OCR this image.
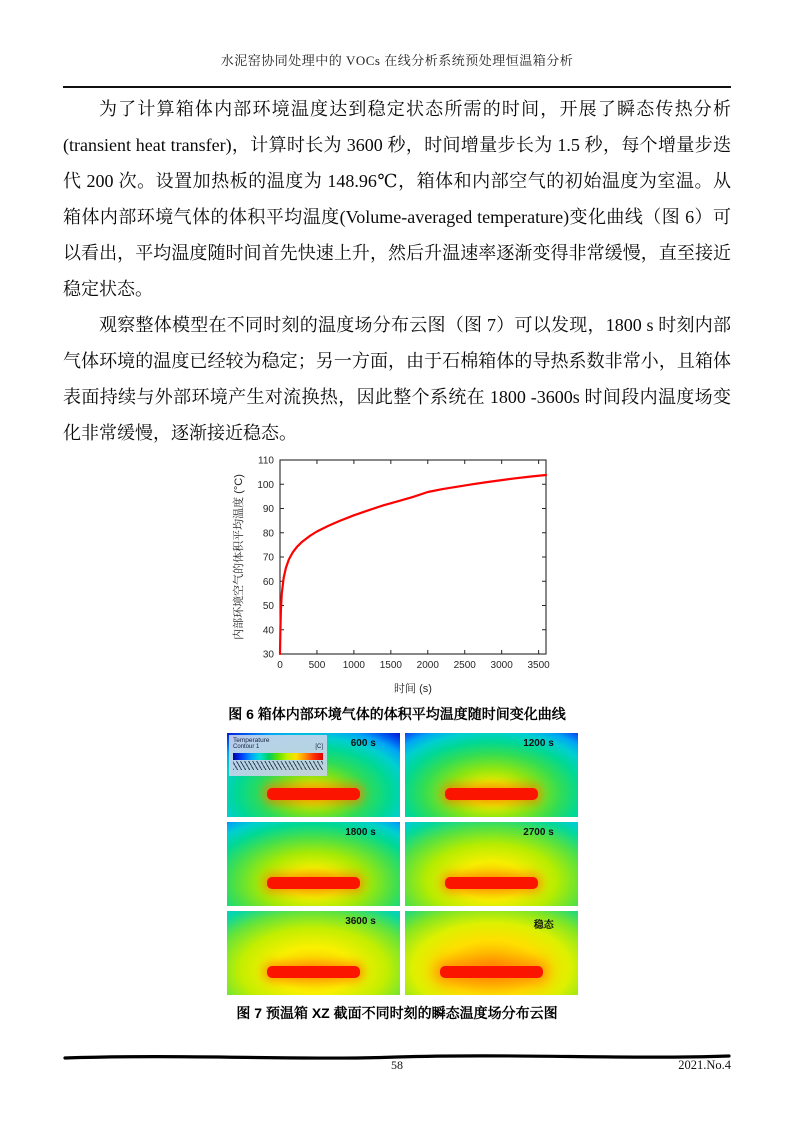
水泥窑协同处理中的 VOCs 在线分析系统预处理恒温箱分析

为了计算箱体内部环境温度达到稳定状态所需的时间，开展了瞬态传热分析(transient heat transfer)，计算时长为 3600 秒，时间增量步长为 1.5 秒，每个增量步迭代 200 次。设置加热板的温度为 148.96℃，箱体和内部空气的初始温度为室温。从箱体内部环境气体的体积平均温度(Volume-averaged temperature)变化曲线（图 6）可以看出，平均温度随时间首先快速上升，然后升温速率逐渐变得非常缓慢，直至接近稳定状态。

观察整体模型在不同时刻的温度场分布云图（图 7）可以发现，1800 s 时刻内部气体环境的温度已经较为稳定；另一方面，由于石棉箱体的导热系数非常小，且箱体表面持续与外部环境产生对流换热，因此整个系统在 1800 -3600s 时间段内温度场变化非常缓慢，逐渐接近稳态。

0	500 1000 1500 2000 2500 3000 3500
30
40
50
60
70
80
90
100
110
时间 (s)
内部环境空气的体积平均温度 (°C)
图 6 箱体内部环境气体的体积平均温度随时间变化曲线
Temperature
Contour 1	[C]	600 s	1200 s
1800 s	2700 s
3600 s	稳态
图 7 预温箱 XZ 截面不同时刻的瞬态温度场分布云图
58	2021.No.4
